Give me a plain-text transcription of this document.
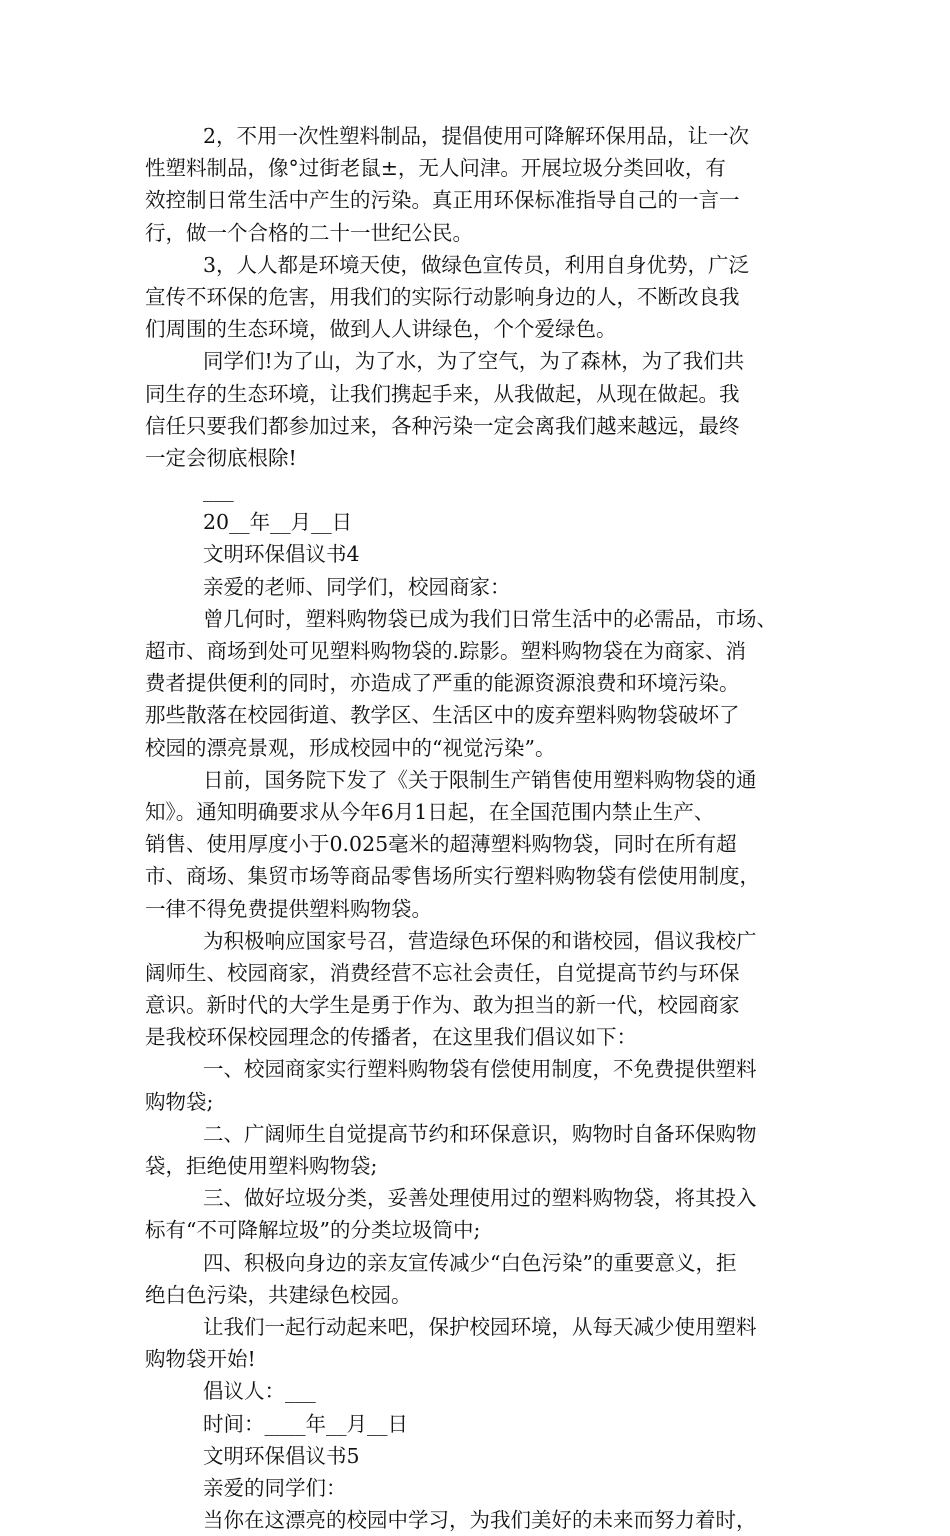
2，不用一次性塑料制品，提倡使用可降解环保用品，让一次
性塑料制品，像°过街老鼠±，无人问津。开展垃圾分类回收，有
效控制日常生活中产生的污染。真正用环保标准指导自己的一言一
行，做一个合格的二十一世纪公民。
3，人人都是环境天使，做绿色宣传员，利用自身优势，广泛
宣传不环保的危害，用我们的实际行动影响身边的人，不断改良我
们周围的生态环境，做到人人讲绿色，个个爱绿色。
同学们!为了山，为了水，为了空气，为了森林，为了我们共
同生存的生态环境，让我们携起手来，从我做起，从现在做起。我
信任只要我们都参加过来，各种污染一定会离我们越来越远，最终
一定会彻底根除!
___
20__年__月__日
文明环保倡议书4
亲爱的老师、同学们，校园商家：
曾几何时，塑料购物袋已成为我们日常生活中的必需品，市场、
超市、商场到处可见塑料购物袋的.踪影。塑料购物袋在为商家、消
费者提供便利的同时，亦造成了严重的能源资源浪费和环境污染。
那些散落在校园街道、教学区、生活区中的废弃塑料购物袋破坏了
校园的漂亮景观，形成校园中的“视觉污染”。
日前，国务院下发了《关于限制生产销售使用塑料购物袋的通
知》。通知明确要求从今年6月1日起，在全国范围内禁止生产、
销售、使用厚度小于0.025毫米的超薄塑料购物袋，同时在所有超
市、商场、集贸市场等商品零售场所实行塑料购物袋有偿使用制度，
一律不得免费提供塑料购物袋。
为积极响应国家号召，营造绿色环保的和谐校园，倡议我校广
阔师生、校园商家，消费经营不忘社会责任，自觉提高节约与环保
意识。新时代的大学生是勇于作为、敢为担当的新一代，校园商家
是我校环保校园理念的传播者，在这里我们倡议如下：
一、校园商家实行塑料购物袋有偿使用制度，不免费提供塑料
购物袋;
二、广阔师生自觉提高节约和环保意识，购物时自备环保购物
袋，拒绝使用塑料购物袋;
三、做好垃圾分类，妥善处理使用过的塑料购物袋，将其投入
标有“不可降解垃圾”的分类垃圾筒中;
四、积极向身边的亲友宣传减少“白色污染”的重要意义，拒
绝白色污染，共建绿色校园。
让我们一起行动起来吧，保护校园环境，从每天减少使用塑料
购物袋开始!
倡议人：___
时间：____年__月__日
文明环保倡议书5
亲爱的同学们：
当你在这漂亮的校园中学习，为我们美好的未来而努力着时，
